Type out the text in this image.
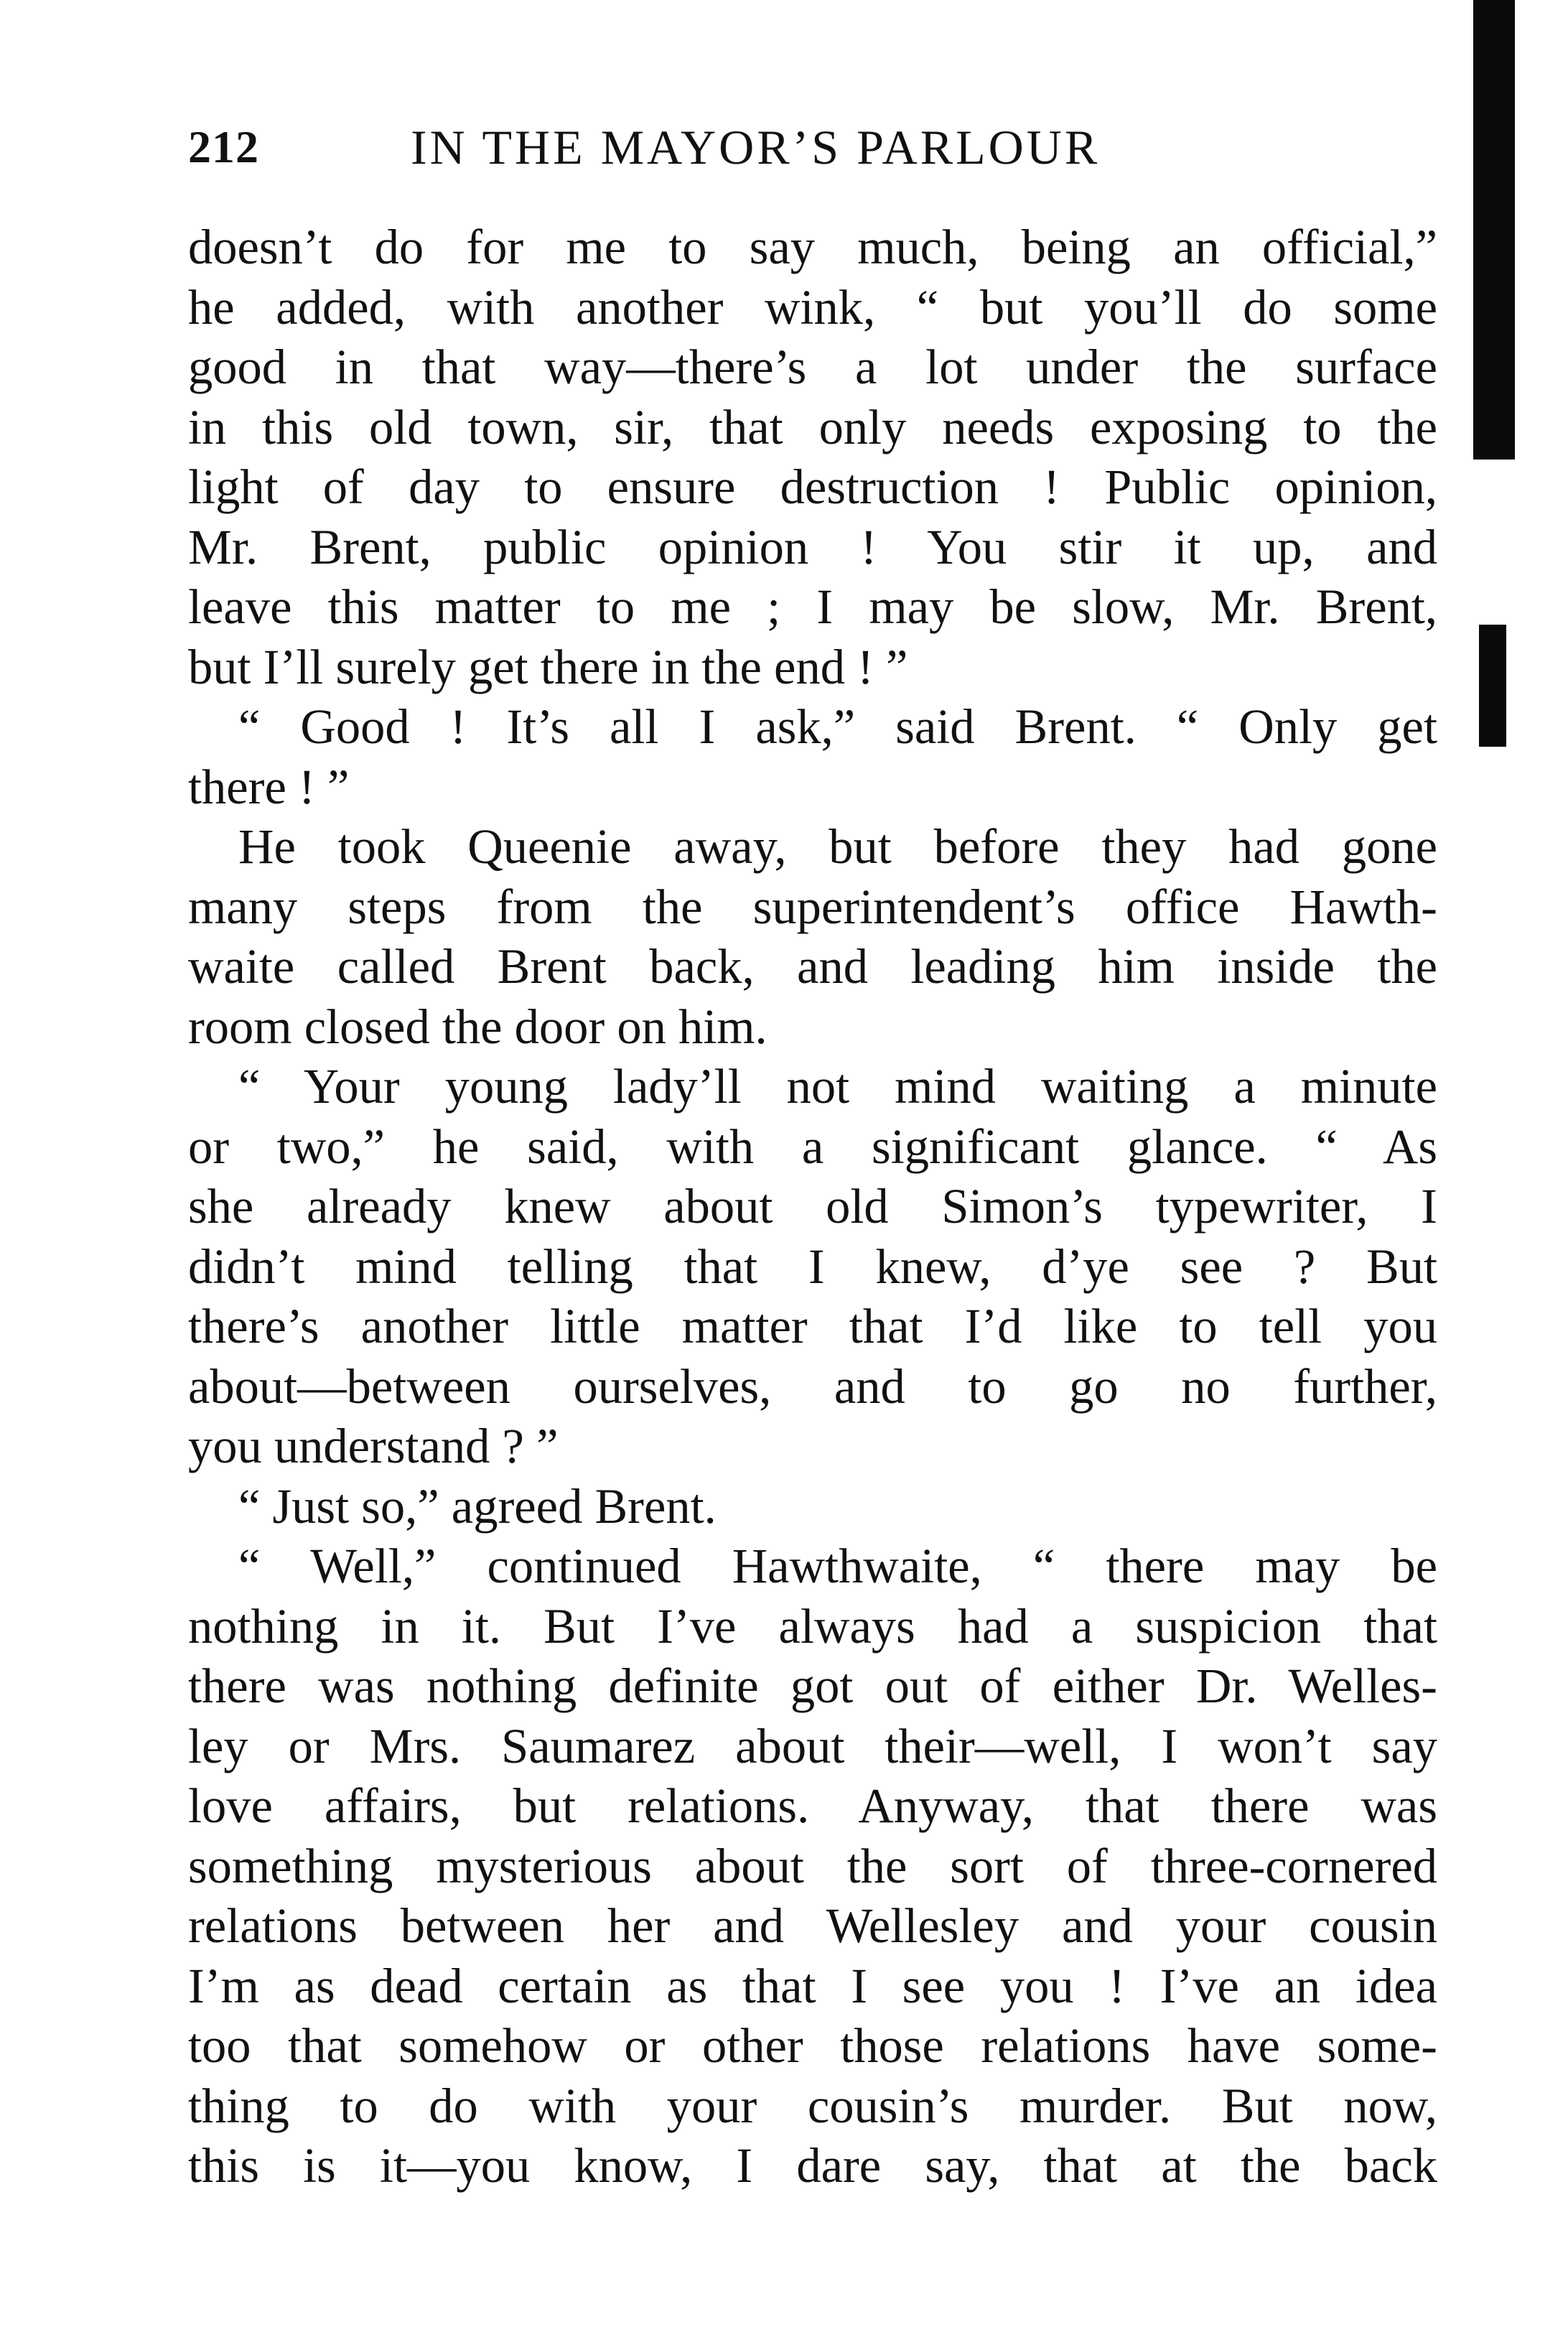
212	IN THE MAYOR’S PARLOUR
doesn’t do for me to say much, being an official,”
he added, with another wink, “ but you’ll do some
good in that way—there’s a lot under the surface
in this old town, sir, that only needs exposing to the
light of day to ensure destruction ! Public opinion,
Mr. Brent, public opinion ! You stir it up, and
leave this matter to me ; I may be slow, Mr. Brent,
but I’ll surely get there in the end ! ”
“ Good ! It’s all I ask,” said Brent. “ Only get
there ! ”
He took Queenie away, but before they had gone
many steps from the superintendent’s office Hawth-
waite called Brent back, and leading him inside the
room closed the door on him.
“ Your young lady’ll not mind waiting a minute
or two,” he said, with a significant glance. “ As
she already knew about old Simon’s typewriter, I
didn’t mind telling that I knew, d’ye see ? But
there’s another little matter that I’d like to tell you
about—between ourselves, and to go no further,
you understand ? ”
“ Just so,” agreed Brent.
“ Well,” continued Hawthwaite, “ there may be
nothing in it. But I’ve always had a suspicion that
there was nothing definite got out of either Dr. Welles-
ley or Mrs. Saumarez about their—well, I won’t say
love affairs, but relations. Anyway, that there was
something mysterious about the sort of three-cornered
relations between her and Wellesley and your cousin
I’m as dead certain as that I see you ! I’ve an idea
too that somehow or other those relations have some-
thing to do with your cousin’s murder. But now,
this is it—you know, I dare say, that at the back
